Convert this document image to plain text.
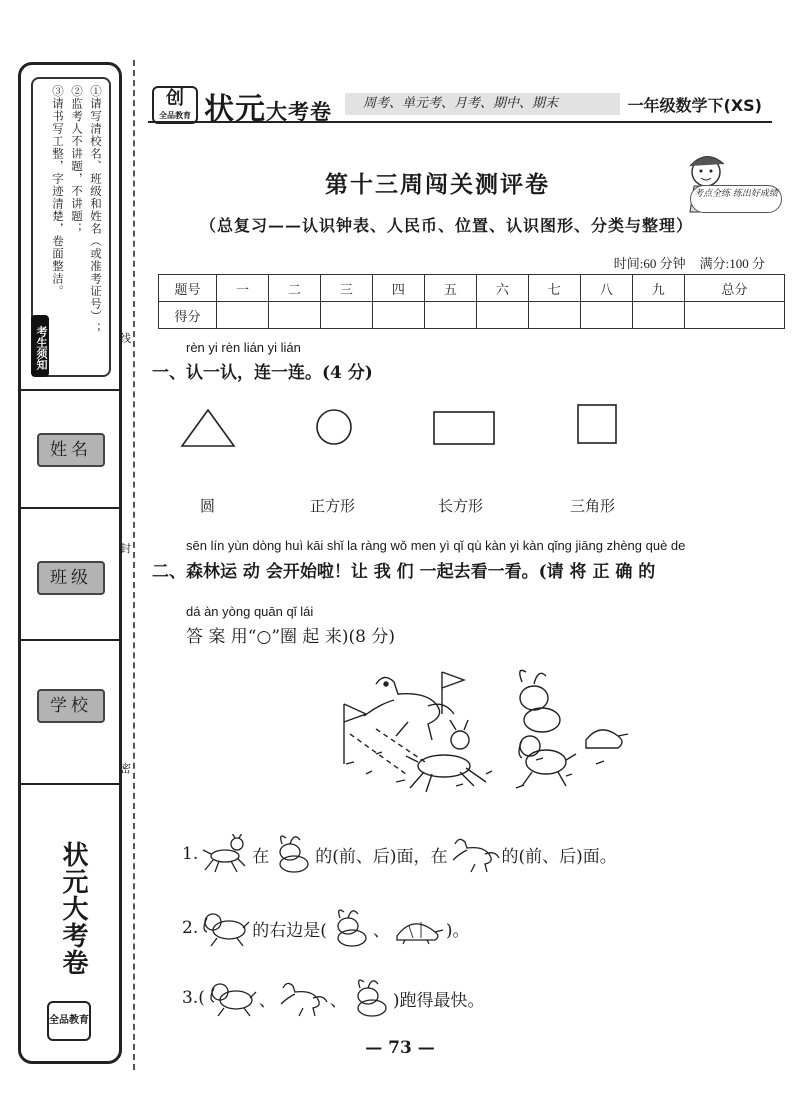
①请写清校名、班级和姓名（或准考证号）；
②监考人不讲题，不讲题；
③请书写工整，字迹清楚，卷面整洁。
考生须知
姓名
班级
学校
状元大考卷
全品教育
线
封
密
创
全品教育 状元大考卷	周考、单元考、月考、期中、期末	一年级数学下(XS)
第十三周闯关测评卷
（总复习——认识钟表、人民币、位置、认识图形、分类与整理）
考点全练 练出好成绩
时间:60 分钟 满分:100 分
题号	一	二	三	四	五	六	七	八	九	总分
得分										
rèn yi rèn lián yi lián
一、认一认，连一连。(4 分)
圆	正方形	长方形	三角形
sēn lín yùn dòng huì kāi shǐ la ràng wǒ men yì qǐ qù kàn yi kàn qǐng jiāng zhèng què de
二、森林运 动 会开始啦！让 我 们 一起去看一看。(请 将 正 确 的
dá àn yòng quān qǐ lái
答 案 用“○”圈 起 来)(8 分)
1.	在	的(前、后)面，在	的(前、后)面。
2.	的右边是(	、	)。
3. (	、	、	)跑得最快。
— 73 —
